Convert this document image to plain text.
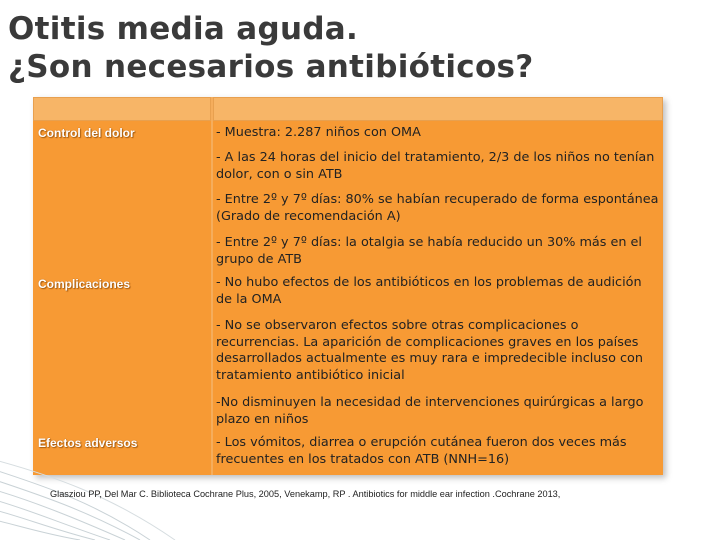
Otitis media aguda.
¿Son necesarios antibióticos?
Control del dolor
Complicaciones
Efectos adversos
- Muestra: 2.287 niños con OMA
- A las 24 horas del inicio del tratamiento, 2/3 de los niños no tenían dolor, con o sin ATB
- Entre 2º y 7º días: 80% se habían recuperado de forma espontánea (Grado de recomendación A)
- Entre 2º y 7º días: la otalgia se había reducido un 30% más en el grupo de ATB
- No hubo efectos de los antibióticos en los problemas de audición de la OMA
- No se observaron efectos sobre otras complicaciones o recurrencias. La aparición de complicaciones graves en los países desarrollados actualmente es muy rara e impredecible incluso con tratamiento antibiótico inicial
-No disminuyen la necesidad de intervenciones quirúrgicas a largo plazo en niños
- Los vómitos, diarrea o erupción cutánea fueron dos veces más frecuentes en los tratados con ATB (NNH=16)
Glasziou PP, Del Mar C. Biblioteca Cochrane Plus, 2005, Venekamp, RP . Antibiotics for middle ear infection .Cochrane 2013,
